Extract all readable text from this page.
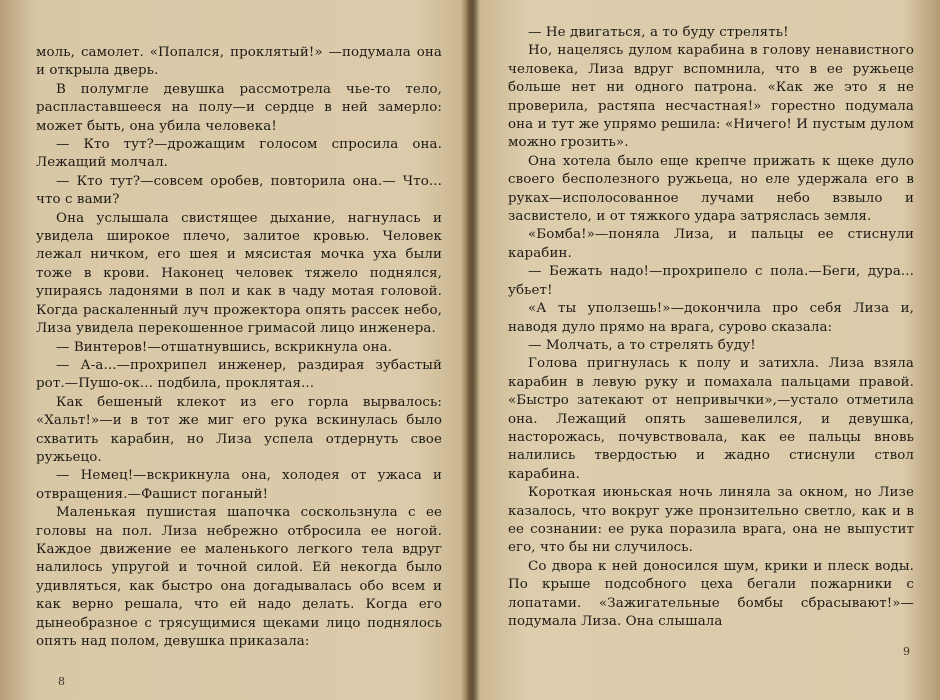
моль, самолет. «Попался, проклятый!» —подумала она и открыла дверь.

В полумгле девушка рассмотрела чье-то тело, распластавшееся на полу—и сердце в ней замерло: может быть, она убила человека!

— Кто тут?—дрожащим голосом спросила она. Лежащий молчал.

— Кто тут?—совсем оробев, повторила она.— Что... что с вами?

Она услышала свистящее дыхание, нагнулась и увидела широкое плечо, залитое кровью. Человек лежал ничком, его шея и мясистая мочка уха были тоже в крови. Наконец человек тяжело поднялся, упираясь ладонями в пол и как в чаду мотая головой. Когда раскаленный луч прожектора опять рассек небо, Лиза увидела перекошенное гримасой лицо инженера.

— Винтеров!—отшатнувшись, вскрикнула она.

— А-а...—прохрипел инженер, раздирая зубастый рот.—Пушо-ок... подбила, проклятая...

Как бешеный клекот из его горла вырвалось: «Хальт!»—и в тот же миг его рука вскинулась было схватить карабин, но Лиза успела отдернуть свое ружьецо.

— Немец!—вскрикнула она, холодея от ужаса и отвращения.—Фашист поганый!

Маленькая пушистая шапочка соскользнула с ее головы на пол. Лиза небрежно отбросила ее ногой. Каждое движение ее маленького легкого тела вдруг налилось упругой и точной силой. Ей некогда было удивляться, как быстро она догадывалась обо всем и как верно решала, что ей надо делать. Когда его дынеобразное с трясущимися щеками лицо поднялось опять над полом, девушка приказала:

8

— Не двигаться, а то буду стрелять!

Но, нацелясь дулом карабина в голову ненавистного человека, Лиза вдруг вспомнила, что в ее ружьеце больше нет ни одного патрона. «Как же это я не проверила, растяпа несчастная!» горестно подумала она и тут же упрямо решила: «Ничего! И пустым дулом можно грозить».

Она хотела было еще крепче прижать к щеке дуло своего бесполезного ружьеца, но еле удержала его в руках—исполосованное лучами небо взвыло и засвистело, и от тяжкого удара затряслась земля.

«Бомба!»—поняла Лиза, и пальцы ее стиснули карабин.

— Бежать надо!—прохрипело с пола.—Беги, дура... убьет!

«А ты уползешь!»—докончила про себя Лиза и, наводя дуло прямо на врага, сурово сказала:

— Молчать, а то стрелять буду!

Голова пригнулась к полу и затихла. Лиза взяла карабин в левую руку и помахала пальцами правой. «Быстро затекают от непривычки»,—устало отметила она. Лежащий опять зашевелился, и девушка, насторожась, почувствовала, как ее пальцы вновь налились твердостью и жадно стиснули ствол карабина.

Короткая июньская ночь линяла за окном, но Лизе казалось, что вокруг уже пронзительно светло, как и в ее сознании: ее рука поразила врага, она не выпустит его, что бы ни случилось.

Со двора к ней доносился шум, крики и плеск воды. По крыше подсобного цеха бегали пожарники с лопатами. «Зажигательные бомбы сбрасывают!»—подумала Лиза. Она слышала

9
